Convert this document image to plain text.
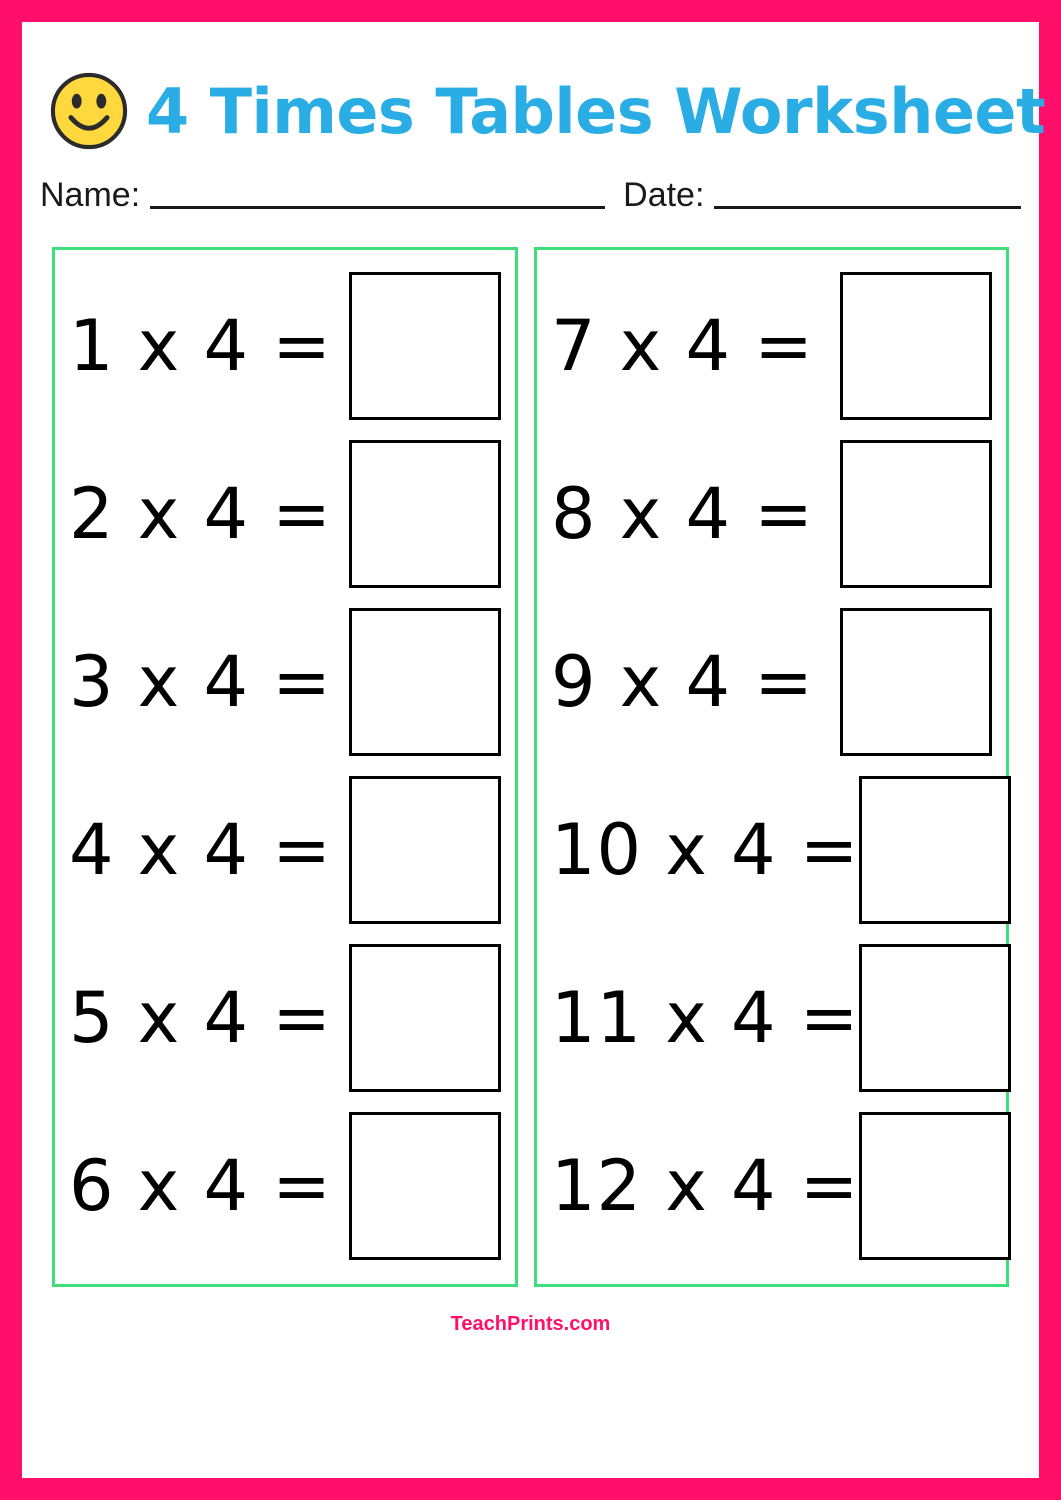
4 Times Tables Worksheet
Name:	Date:
1 x 4 =
2 x 4 =
3 x 4 =
4 x 4 =
5 x 4 =
6 x 4 =
7 x 4 =
8 x 4 =
9 x 4 =
10 x 4 =
11 x 4 =
12 x 4 =
TeachPrints.com
